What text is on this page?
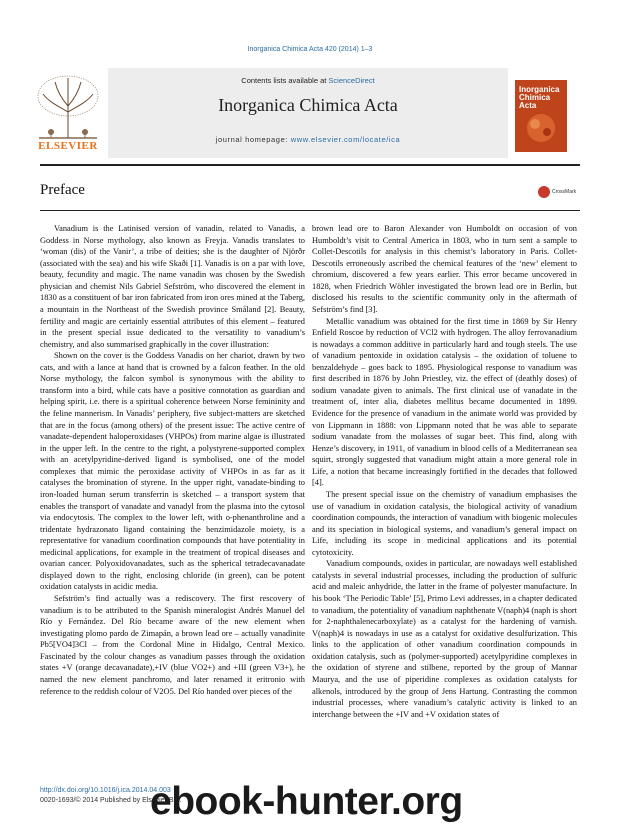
Inorganica Chimica Acta 420 (2014) 1–3
ELSEVIER
Contents lists available at ScienceDirect
Inorganica Chimica Acta
journal homepage: www.elsevier.com/locate/ica
Inorganica Chimica Acta
Preface	CrossMark

Vanadium is the Latinised version of vanadin, related to Vanadis, a Goddess in Norse mythology, also known as Freyja. Vanadis translates to ‘woman (dis) of the Vanir’, a tribe of deities; she is the daughter of Njörðr (associated with the sea) and his wife Skaði [1]. Vanadis is on a par with love, beauty, fecundity and magic. The name vanadin was chosen by the Swedish physician and chemist Nils Gabriel Sefström, who discovered the element in 1830 as a constituent of bar iron fabricated from iron ores mined at the Taberg, a mountain in the Northeast of the Swedish province Småland [2]. Beauty, fertility and magic are certainly essential attributes of this element – featured in the present special issue dedicated to the versatility to vanadium’s chemistry, and also summarised graphically in the cover illustration:

Shown on the cover is the Goddess Vanadis on her chariot, drawn by two cats, and with a lance at hand that is crowned by a falcon feather. In the old Norse mythology, the falcon symbol is synonymous with the ability to transform into a bird, while cats have a positive connotation as guardian and helping spirit, i.e. there is a spiritual coherence between Norse femininity and the feline mannerism. In Vanadis’ periphery, five subject-matters are sketched that are in the focus (among others) of the present issue: The active centre of vanadate-dependent haloperoxidases (VHPOs) from marine algae is illustrated in the upper left. In the centre to the right, a polystyrene-supported complex with an acetylpyridine-derived ligand is symbolised, one of the model complexes that mimic the peroxidase activity of VHPOs in as far as it catalyses the bromination of styrene. In the upper right, vanadate-binding to iron-loaded human serum transferrin is sketched – a transport system that enables the transport of vanadate and vanadyl from the plasma into the cytosol via endocytosis. The complex to the lower left, with o-phenanthroline and a tridentate hydrazonato ligand containing the benzimidazole moiety, is a representative for vanadium coordination compounds that have potentiality in medicinal applications, for example in the treatment of tropical diseases and ovarian cancer. Polyoxidovanadates, such as the spherical tetradecavanadate displayed down to the right, enclosing chloride (in green), can be potent oxidation catalysts in acidic media.

Sefström’s find actually was a rediscovery. The first rescovery of vanadium is to be attributed to the Spanish mineralogist Andrés Manuel del Río y Fernández. Del Río became aware of the new element when investigating plomo pardo de Zimapán, a brown lead ore – actually vanadinite Pb5[VO4]3Cl – from the Cordonal Mine in Hidalgo, Central Mexico. Fascinated by the colour changes as vanadium passes through the oxidation states +V (orange decavanadate),+IV (blue VO2+) and +III (green V3+), he named the new element panchromo, and later renamed it eritronio with reference to the reddish colour of V2O5. Del Río handed over pieces of the

brown lead ore to Baron Alexander von Humboldt on occasion of von Humboldt’s visit to Central America in 1803, who in turn sent a sample to Collet-Descotils for analysis in this chemist’s laboratory in Paris. Collet-Descotils erroneously ascribed the chemical features of the ‘new’ element to chromium, discovered a few years earlier. This error became uncovered in 1828, when Friedrich Wöhler investigated the brown lead ore in Berlin, but disclosed his results to the scientific community only in the aftermath of Sefström’s find [3].

Metallic vanadium was obtained for the first time in 1869 by Sir Henry Enfield Roscoe by reduction of VCl2 with hydrogen. The alloy ferrovanadium is nowadays a common additive in particularly hard and tough steels. The use of vanadium pentoxide in oxidation catalysis – the oxidation of toluene to benzaldehyde – goes back to 1895. Physiological response to vanadium was first described in 1876 by John Priestley, viz. the effect of (deathly doses) of sodium vanadate given to animals. The first clinical use of vanadate in the treatment of, inter alia, diabetes mellitus became documented in 1899. Evidence for the presence of vanadium in the animate world was provided by von Lippmann in 1888: von Lippmann noted that he was able to separate sodium vanadate from the molasses of sugar beet. This find, along with Henze’s discovery, in 1911, of vanadium in blood cells of a Mediterranean sea squirt, strongly suggested that vanadium might attain a more general role in Life, a notion that became increasingly fortified in the decades that followed [4].

The present special issue on the chemistry of vanadium emphasises the use of vanadium in oxidation catalysis, the biological activity of vanadium coordination compounds, the interaction of vanadium with biogenic molecules and its speciation in biological systems, and vanadium’s general impact on Life, including its scope in medicinal applications and its potential cytotoxicity.

Vanadium compounds, oxides in particular, are nowadays well established catalysts in several industrial processes, including the production of sulfuric acid and maleic anhydride, the latter in the frame of polyester manufacture. In his book ‘The Periodic Table’ [5], Primo Levi addresses, in a chapter dedicated to vanadium, the potentiality of vanadium naphthenate V(naph)4 (naph is short for 2-naphthalenecarboxylate) as a catalyst for the hardening of varnish. V(naph)4 is nowadays in use as a catalyst for oxidative desulfurization. This links to the application of other vanadium coordination compounds in oxidation catalysis, such as (polymer-supported) acetylpyridine complexes in the oxidation of styrene and stilbene, reported by the group of Mannar Maurya, and the use of piperidine complexes as oxidation catalysts for alkenols, introduced by the group of Jens Hartung. Contrasting the common industrial processes, where vanadium’s catalytic activity is linked to an interchange between the +IV and +V oxidation states of

http://dx.doi.org/10.1016/j.ica.2014.04.003
0020-1693/© 2014 Published by Elsevier B.V.
ebook-hunter.org
